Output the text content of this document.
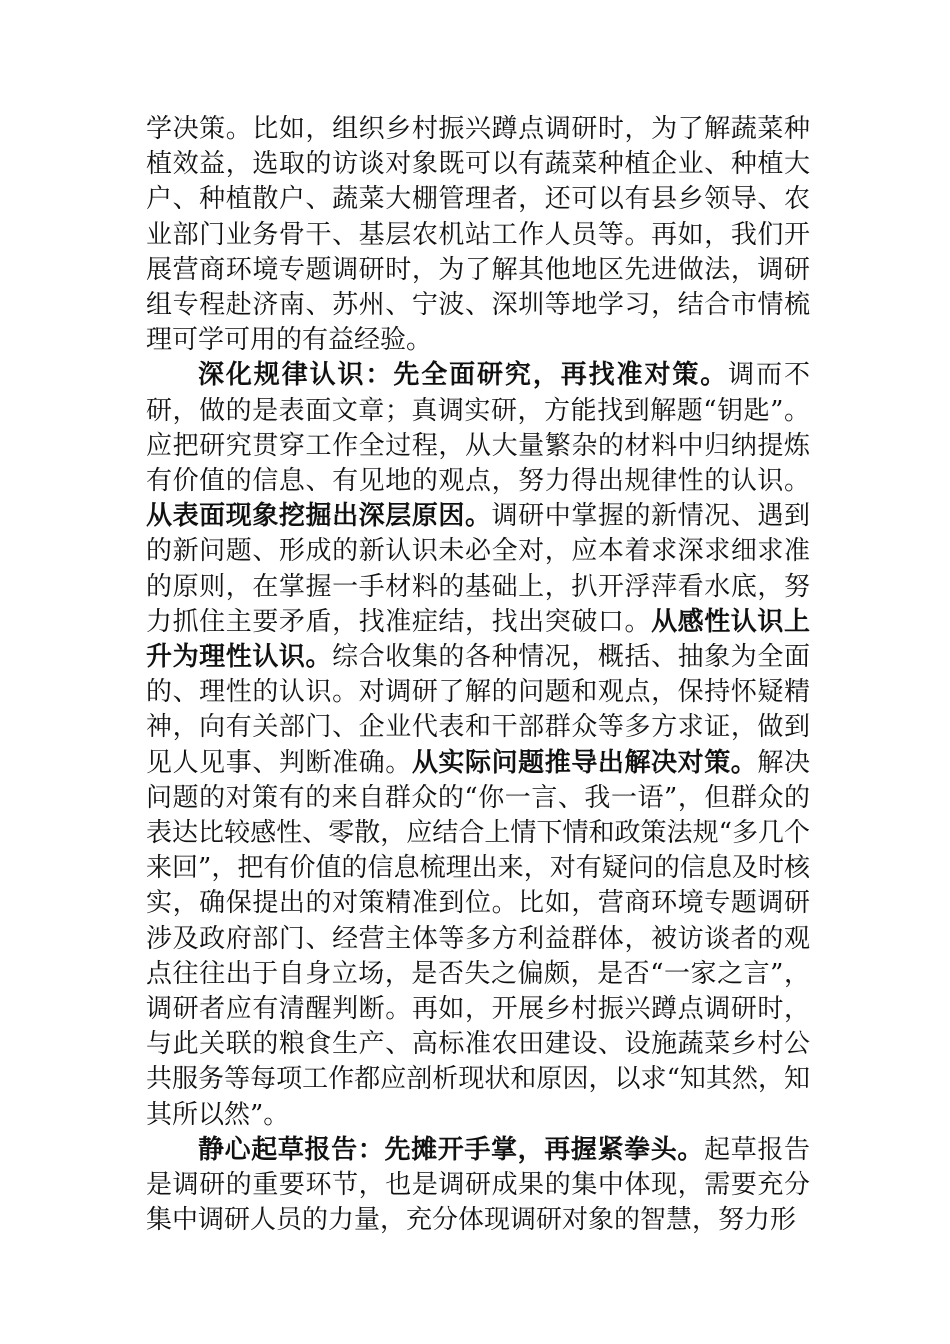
学决策。比如，组织乡村振兴蹲点调研时，为了解蔬菜种植效益，选取的访谈对象既可以有蔬菜种植企业、种植大户、种植散户、蔬菜大棚管理者，还可以有县乡领导、农业部门业务骨干、基层农机站工作人员等。再如，我们开展营商环境专题调研时，为了解其他地区先进做法，调研组专程赴济南、苏州、宁波、深圳等地学习，结合市情梳理可学可用的有益经验。

深化规律认识：先全面研究，再找准对策。调而不研，做的是表面文章；真调实研，方能找到解题“钥匙”。应把研究贯穿工作全过程，从大量繁杂的材料中归纳提炼有价值的信息、有见地的观点，努力得出规律性的认识。从表面现象挖掘出深层原因。调研中掌握的新情况、遇到的新问题、形成的新认识未必全对，应本着求深求细求准的原则，在掌握一手材料的基础上，扒开浮萍看水底，努力抓住主要矛盾，找准症结，找出突破口。从感性认识上升为理性认识。综合收集的各种情况，概括、抽象为全面的、理性的认识。对调研了解的问题和观点，保持怀疑精神，向有关部门、企业代表和干部群众等多方求证，做到见人见事、判断准确。从实际问题推导出解决对策。解决问题的对策有的来自群众的“你一言、我一语”，但群众的表达比较感性、零散，应结合上情下情和政策法规“多几个来回”，把有价值的信息梳理出来，对有疑问的信息及时核实，确保提出的对策精准到位。比如，营商环境专题调研涉及政府部门、经营主体等多方利益群体，被访谈者的观点往往出于自身立场，是否失之偏颇，是否“一家之言”，调研者应有清醒判断。再如，开展乡村振兴蹲点调研时，与此关联的粮食生产、高标准农田建设、设施蔬菜乡村公共服务等每项工作都应剖析现状和原因，以求“知其然，知其所以然”。

静心起草报告：先摊开手掌，再握紧拳头。起草报告是调研的重要环节，也是调研成果的集中体现，需要充分集中调研人员的力量，充分体现调研对象的智慧，努力形
